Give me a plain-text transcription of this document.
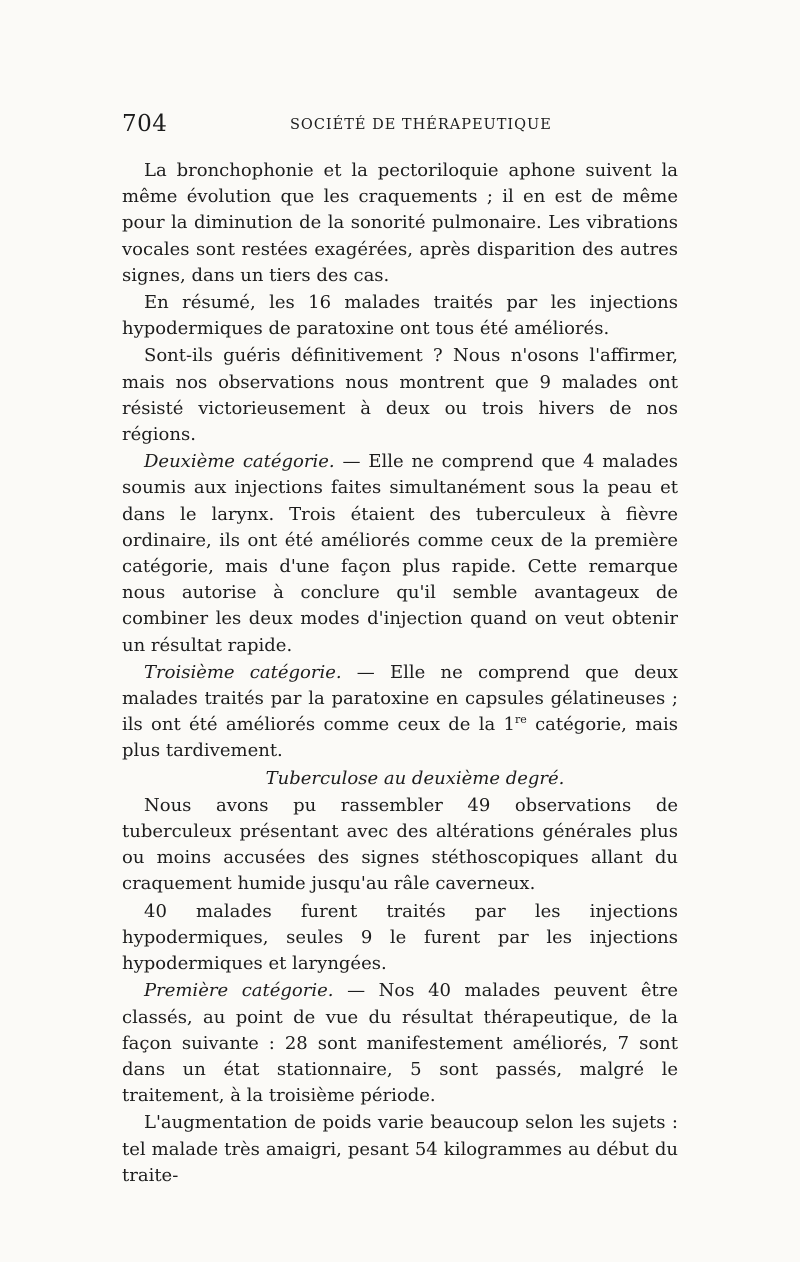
704	SOCIÉTÉ DE THÉRAPEUTIQUE

La bronchophonie et la pectoriloquie aphone suivent la même évolution que les craquements ; il en est de même pour la diminution de la sonorité pulmonaire. Les vibrations vocales sont restées exagérées, après disparition des autres signes, dans un tiers des cas.

En résumé, les 16 malades traités par les injections hypodermiques de paratoxine ont tous été améliorés.

Sont-ils guéris définitivement ? Nous n'osons l'affirmer, mais nos observations nous montrent que 9 malades ont résisté victorieusement à deux ou trois hivers de nos régions.

Deuxième catégorie. — Elle ne comprend que 4 malades soumis aux injections faites simultanément sous la peau et dans le larynx. Trois étaient des tuberculeux à fièvre ordinaire, ils ont été améliorés comme ceux de la première catégorie, mais d'une façon plus rapide. Cette remarque nous autorise à conclure qu'il semble avantageux de combiner les deux modes d'injection quand on veut obtenir un résultat rapide.

Troisième catégorie. — Elle ne comprend que deux malades traités par la paratoxine en capsules gélatineuses ; ils ont été améliorés comme ceux de la 1re catégorie, mais plus tardivement.

Tuberculose au deuxième degré.

Nous avons pu rassembler 49 observations de tuberculeux présentant avec des altérations générales plus ou moins accusées des signes stéthoscopiques allant du craquement humide jusqu'au râle caverneux.

40 malades furent traités par les injections hypodermiques, seules 9 le furent par les injections hypodermiques et laryngées.

Première catégorie. — Nos 40 malades peuvent être classés, au point de vue du résultat thérapeutique, de la façon suivante : 28 sont manifestement améliorés, 7 sont dans un état stationnaire, 5 sont passés, malgré le traitement, à la troisième période.

L'augmentation de poids varie beaucoup selon les sujets : tel malade très amaigri, pesant 54 kilogrammes au début du traite-
